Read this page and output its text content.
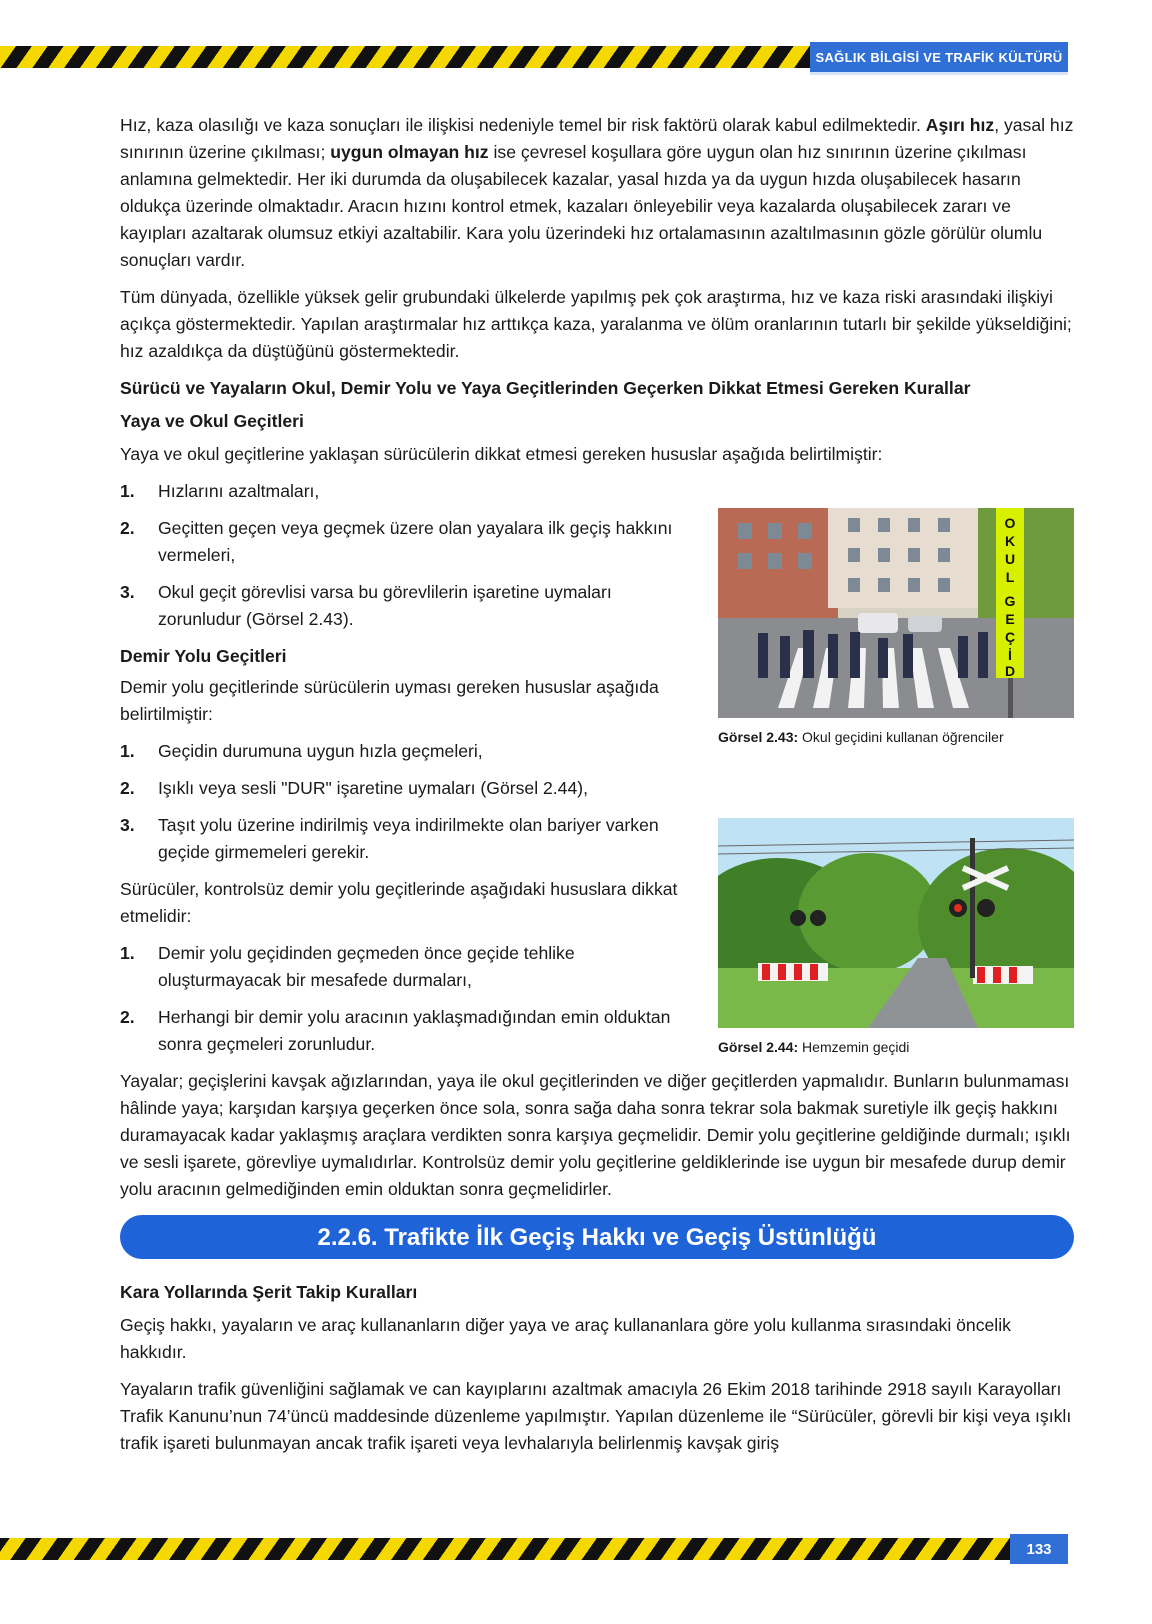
SAĞLIK BİLGİSİ VE TRAFİK KÜLTÜRÜ

Hız, kaza olasılığı ve kaza sonuçları ile ilişkisi nedeniyle temel bir risk faktörü olarak kabul edilmektedir. Aşırı hız, yasal hız sınırının üzerine çıkılması; uygun olmayan hız ise çevresel koşullara göre uygun olan hız sınırının üzerine çıkılması anlamına gelmektedir. Her iki durumda da oluşabilecek kazalar, yasal hızda ya da uygun hızda oluşabilecek hasarın oldukça üzerinde olmaktadır. Aracın hızını kontrol etmek, kazaları önleyebilir veya kazalarda oluşabilecek zararı ve kayıpları azaltarak olumsuz etkiyi azaltabilir. Kara yolu üzerindeki hız ortalamasının azaltılmasının gözle görülür olumlu sonuçları vardır.

Tüm dünyada, özellikle yüksek gelir grubundaki ülkelerde yapılmış pek çok araştırma, hız ve kaza riski arasındaki ilişkiyi açıkça göstermektedir. Yapılan araştırmalar hız arttıkça kaza, yaralanma ve ölüm oranlarının tutarlı bir şekilde yükseldiğini; hız azaldıkça da düştüğünü göstermektedir.

Sürücü ve Yayaların Okul, Demir Yolu ve Yaya Geçitlerinden Geçerken Dikkat Etmesi Gereken Kurallar

Yaya ve Okul Geçitleri

Yaya ve okul geçitlerine yaklaşan sürücülerin dikkat etmesi gereken hususlar aşağıda belirtilmiştir:

1. Hızlarını azaltmaları,
2. Geçitten geçen veya geçmek üzere olan yayalara ilk geçiş hakkını vermeleri,
3. Okul geçit görevlisi varsa bu görevlilerin işaretine uymaları zorunludur (Görsel 2.43).

Demir Yolu Geçitleri

Demir yolu geçitlerinde sürücülerin uyması gereken hususlar aşağıda belirtilmiştir:

1. Geçidin durumuna uygun hızla geçmeleri,
2. Işıklı veya sesli "DUR" işaretine uymaları (Görsel 2.44),
3. Taşıt yolu üzerine indirilmiş veya indirilmekte olan bariyer varken geçide girmemeleri gerekir.

Sürücüler, kontrolsüz demir yolu geçitlerinde aşağıdaki hususlara dikkat etmelidir:

1. Demir yolu geçidinden geçmeden önce geçide tehlike oluşturmayacak bir mesafede durmaları,
2. Herhangi bir demir yolu aracının yaklaşmadığından emin olduktan sonra geçmeleri zorunludur.

Yayalar; geçişlerini kavşak ağızlarından, yaya ile okul geçitlerinden ve diğer geçitlerden yapmalıdır. Bunların bulunmaması hâlinde yaya; karşıdan karşıya geçerken önce sola, sonra sağa daha sonra tekrar sola bakmak suretiyle ilk geçiş hakkını duramayacak kadar yaklaşmış araçlara verdikten sonra karşıya geçmelidir. Demir yolu geçitlerine geldiğinde durmalı; ışıklı ve sesli işarete, görevliye uymalıdırlar. Kontrolsüz demir yolu geçitlerine geldiklerinde ise uygun bir mesafede durup demir yolu aracının gelmediğinden emin olduktan sonra geçmelidirler.

2.2.6. Trafikte İlk Geçiş Hakkı ve Geçiş Üstünlüğü

Kara Yollarında Şerit Takip Kuralları

Geçiş hakkı, yayaların ve araç kullananların diğer yaya ve araç kullananlara göre yolu kullanma sırasındaki öncelik hakkıdır.

Yayaların trafik güvenliğini sağlamak ve can kayıplarını azaltmak amacıyla 26 Ekim 2018 tarihinde 2918 sayılı Karayolları Trafik Kanunu’nun 74’üncü maddesinde düzenleme yapılmıştır. Yapılan düzenleme ile “Sürücüler, görevli bir kişi veya ışıklı trafik işareti bulunmayan ancak trafik işareti veya levhalarıyla belirlenmiş kavşak giriş

O
K
U
L
G
E
Ç
İ
D
Görsel 2.43: Okul geçidini kullanan öğrenciler
Görsel 2.44: Hemzemin geçidi
133
